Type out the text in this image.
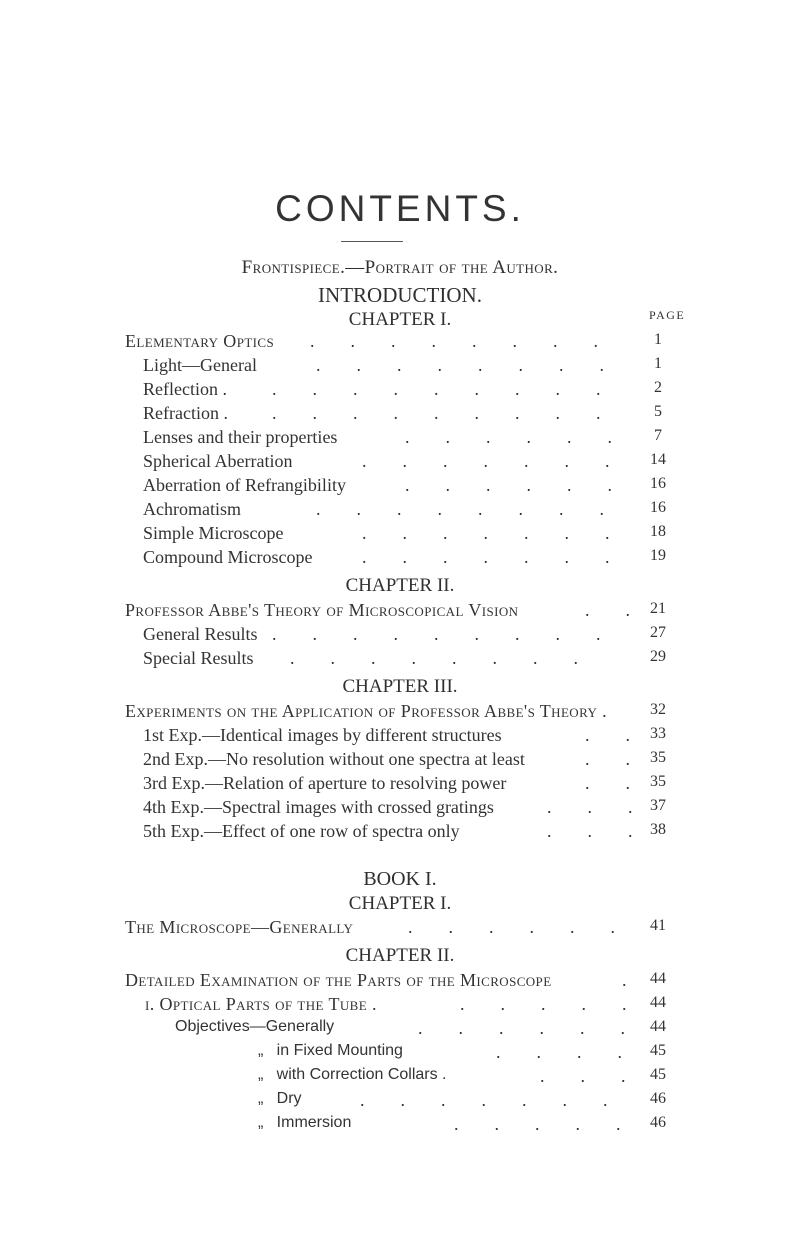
CONTENTS.
Frontispiece.—Portrait of the Author.
INTRODUCTION.
CHAPTER I.	PAGE
Elementary Optics .        .        .        .        .        .        .        .	1
Light—General	.        .        .        .        .        .        .        .	1
Reflection .	.        .        .        .        .        .        .        .        .	2
Refraction . .        .        .        .        .        .        .        .        .	5
Lenses and their properties	.        .        .        .        .        .	7
Spherical Aberration	.        .        .        .        .        .        .	14
Aberration of Refrangibility	.        .        .        .        .        .	16
Achromatism	.        .        .        .        .        .        .        .	16
Simple Microscope	.        .        .        .        .        .        .	18
Compound Microscope	.        .        .        .        .        .        .	19
CHAPTER II.
Professor Abbe's Theory of Microscopical Vision	.        .	21
General Results .        .        .        .        .        .        .        .        .	27
Special Results .        .        .        .        .        .        .        .	29
CHAPTER III.
Experiments on the Application of Professor Abbe's Theory .	32
1st Exp.—Identical images by different structures	.        .	33
2nd Exp.—No resolution without one spectra at least	.        .	35
3rd Exp.—Relation of aperture to resolving power	.        .	35
4th Exp.—Spectral images with crossed gratings	.        .        .	37
5th Exp.—Effect of one row of spectra only	.        .        .	38
BOOK I.
CHAPTER I.
The Microscope—Generally	.        .        .        .        .        .	41
CHAPTER II.
Detailed Examination of the Parts of the Microscope	.	44
i. Optical Parts of the Tube .	.        .        .        .        .	44
Objectives—Generally	.        .        .        .        .        .	44
„   in Fixed Mounting	.        .        .        .	45
„   with Correction Collars .	.        .        .	45
„   Dry	.        .        .        .        .        .        .	46
„   Immersion	.        .        .        .        .	46
